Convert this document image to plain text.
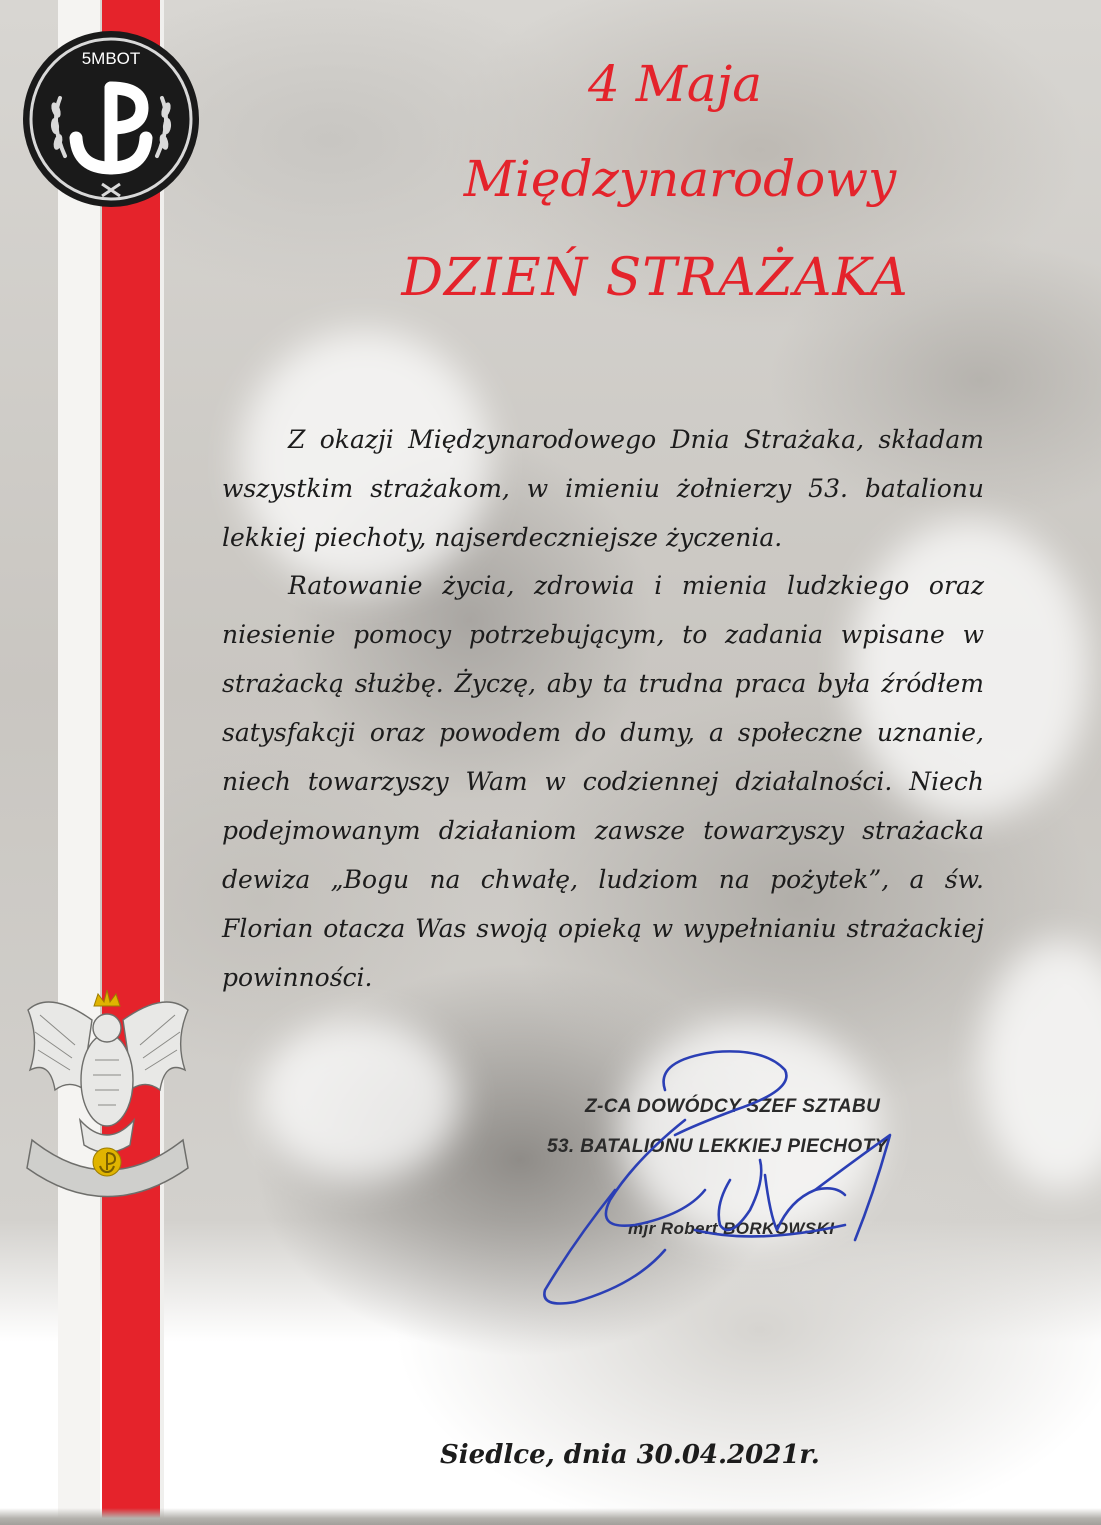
5MBOT	4 Maja
Międzynarodowy
DZIEŃ STRAŻAKA

Z okazji Międzynarodowego Dnia Strażaka, składam wszystkim strażakom, w imieniu żołnierzy 53. batalionu lekkiej piechoty, najserdeczniejsze życzenia.

Ratowanie życia, zdrowia i mienia ludzkiego oraz niesienie pomocy potrzebującym, to zadania wpisane w strażacką służbę. Życzę, aby ta trudna praca była źródłem satysfakcji oraz powodem do dumy, a społeczne uznanie, niech towarzyszy Wam w codziennej działalności. Niech podejmowanym działaniom zawsze towarzyszy strażacka dewiza „Bogu na chwałę, ludziom na pożytek”, a św. Florian otacza Was swoją opieką w wypełnianiu strażackiej powinności.

Z-CA DOWÓDCY SZEF SZTABU
53. BATALIONU LEKKIEJ PIECHOTY
mjr Robert BORKOWSKI
Siedlce, dnia 30.04.2021r.
